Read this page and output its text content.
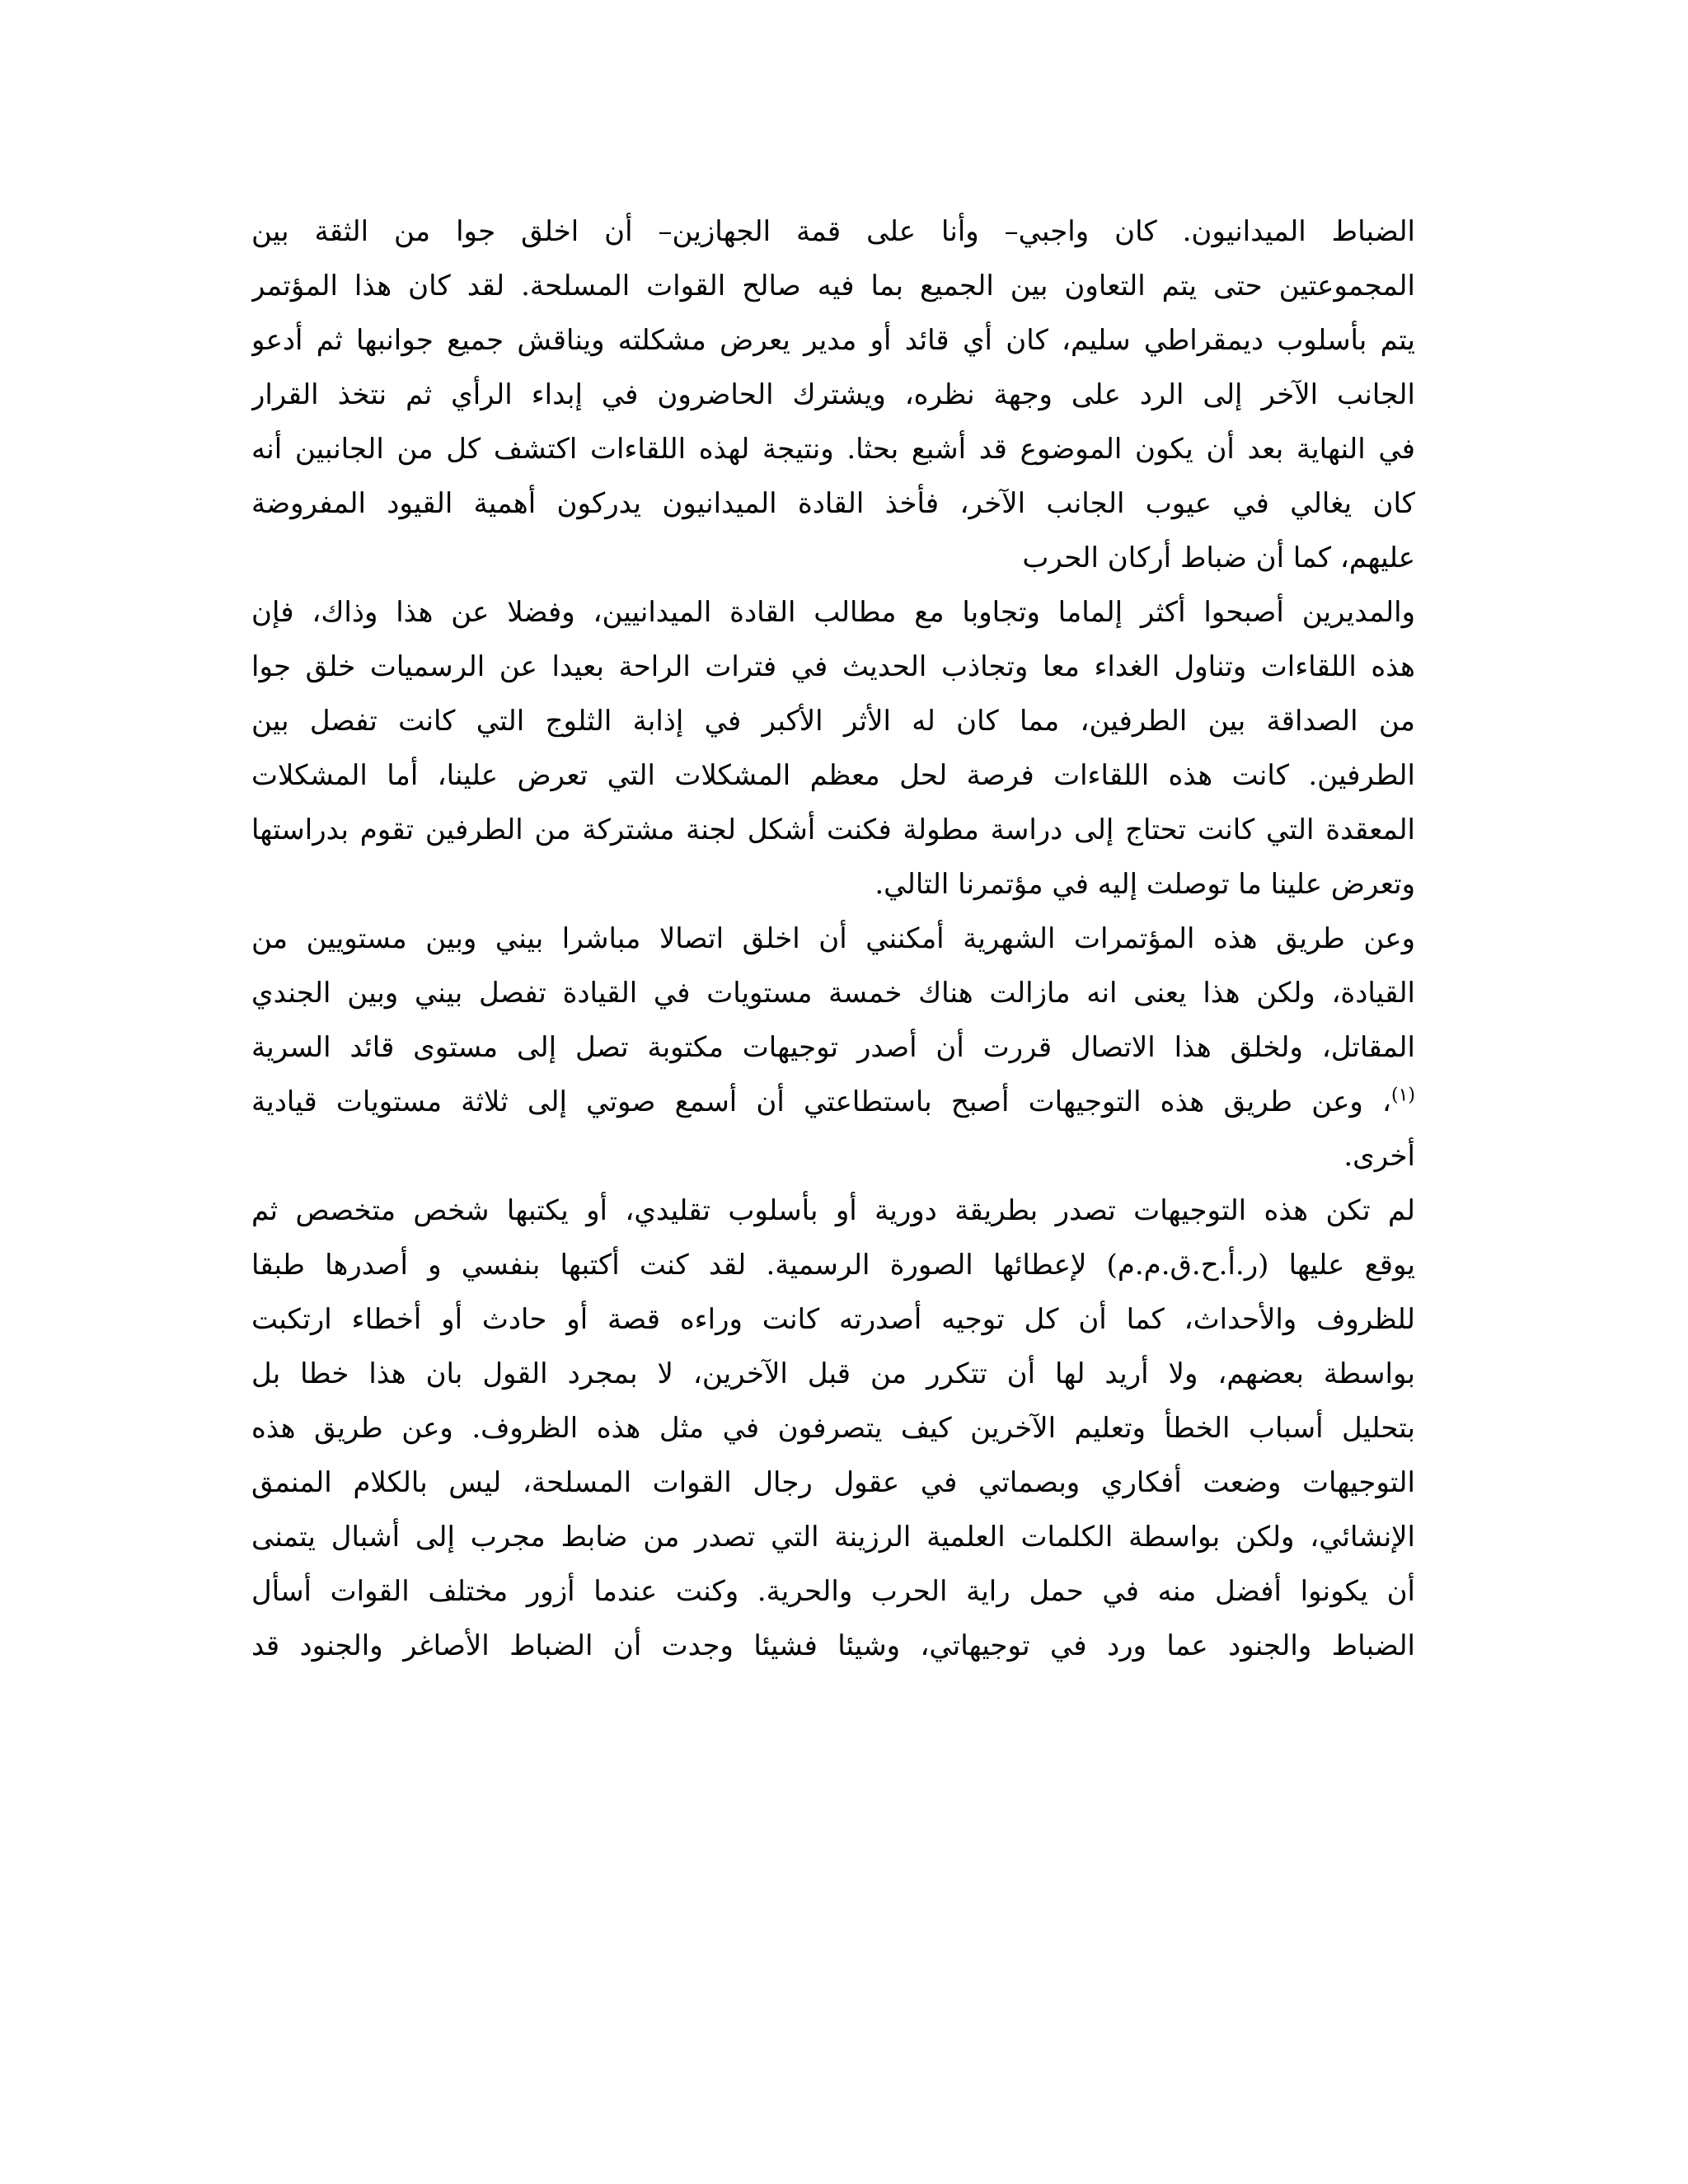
الضباط الميدانيون. كان واجبي– وأنا على قمة الجهازين– أن اخلق جوا من الثقة بين
المجموعتين حتى يتم التعاون بين الجميع بما فيه صالح القوات المسلحة. لقد كان هذا المؤتمر
يتم بأسلوب ديمقراطي سليم، كان أي قائد أو مدير يعرض مشكلته ويناقش جميع جوانبها ثم أدعو
الجانب الآخر إلى الرد على وجهة نظره، ويشترك الحاضرون في إبداء الرأي ثم نتخذ القرار
في النهاية بعد أن يكون الموضوع قد أشبع بحثا. ونتيجة لهذه اللقاءات اكتشف كل من الجانبين أنه
كان يغالي في عيوب الجانب الآخر، فأخذ القادة الميدانيون يدركون أهمية القيود المفروضة
عليهم، كما أن ضباط أركان الحرب
والمديرين أصبحوا أكثر إلماما وتجاوبا مع مطالب القادة الميدانيين، وفضلا عن هذا وذاك، فإن
هذه اللقاءات وتناول الغداء معا وتجاذب الحديث في فترات الراحة بعيدا عن الرسميات خلق جوا
من الصداقة بين الطرفين، مما كان له الأثر الأكبر في إذابة الثلوج التي كانت تفصل بين
الطرفين. كانت هذه اللقاءات فرصة لحل معظم المشكلات التي تعرض علينا، أما المشكلات
المعقدة التي كانت تحتاج إلى دراسة مطولة فكنت أشكل لجنة مشتركة من الطرفين تقوم بدراستها
وتعرض علينا ما توصلت إليه في مؤتمرنا التالي.
وعن طريق هذه المؤتمرات الشهرية أمكنني أن اخلق اتصالا مباشرا بيني وبين مستويين من
القيادة، ولكن هذا يعنى انه مازالت هناك خمسة مستويات في القيادة تفصل بيني وبين الجندي
المقاتل، ولخلق هذا الاتصال قررت أن أصدر توجيهات مكتوبة تصل إلى مستوى قائد السرية
$^{(١)}$، وعن طريق هذه التوجيهات أصبح باستطاعتي أن أسمع صوتي إلى ثلاثة مستويات قيادية
أخرى.
لم تكن هذه التوجيهات تصدر بطريقة دورية أو بأسلوب تقليدي، أو يكتبها شخص متخصص ثم
يوقع عليها (ر.أ.ح.ق.م.م) لإعطائها الصورة الرسمية. لقد كنت أكتبها بنفسي و أصدرها طبقا
للظروف والأحداث، كما أن كل توجيه أصدرته كانت وراءه قصة أو حادث أو أخطاء ارتكبت
بواسطة بعضهم، ولا أريد لها أن تتكرر من قبل الآخرين، لا بمجرد القول بان هذا خطا بل
بتحليل أسباب الخطأ وتعليم الآخرين كيف يتصرفون في مثل هذه الظروف. وعن طريق هذه
التوجيهات وضعت أفكاري وبصماتي في عقول رجال القوات المسلحة، ليس بالكلام المنمق
الإنشائي، ولكن بواسطة الكلمات العلمية الرزينة التي تصدر من ضابط مجرب إلى أشبال يتمنى
أن يكونوا أفضل منه في حمل راية الحرب والحرية. وكنت عندما أزور مختلف القوات أسأل
الضباط والجنود عما ورد في توجيهاتي، وشيئا فشيئا وجدت أن الضباط الأصاغر والجنود قد
